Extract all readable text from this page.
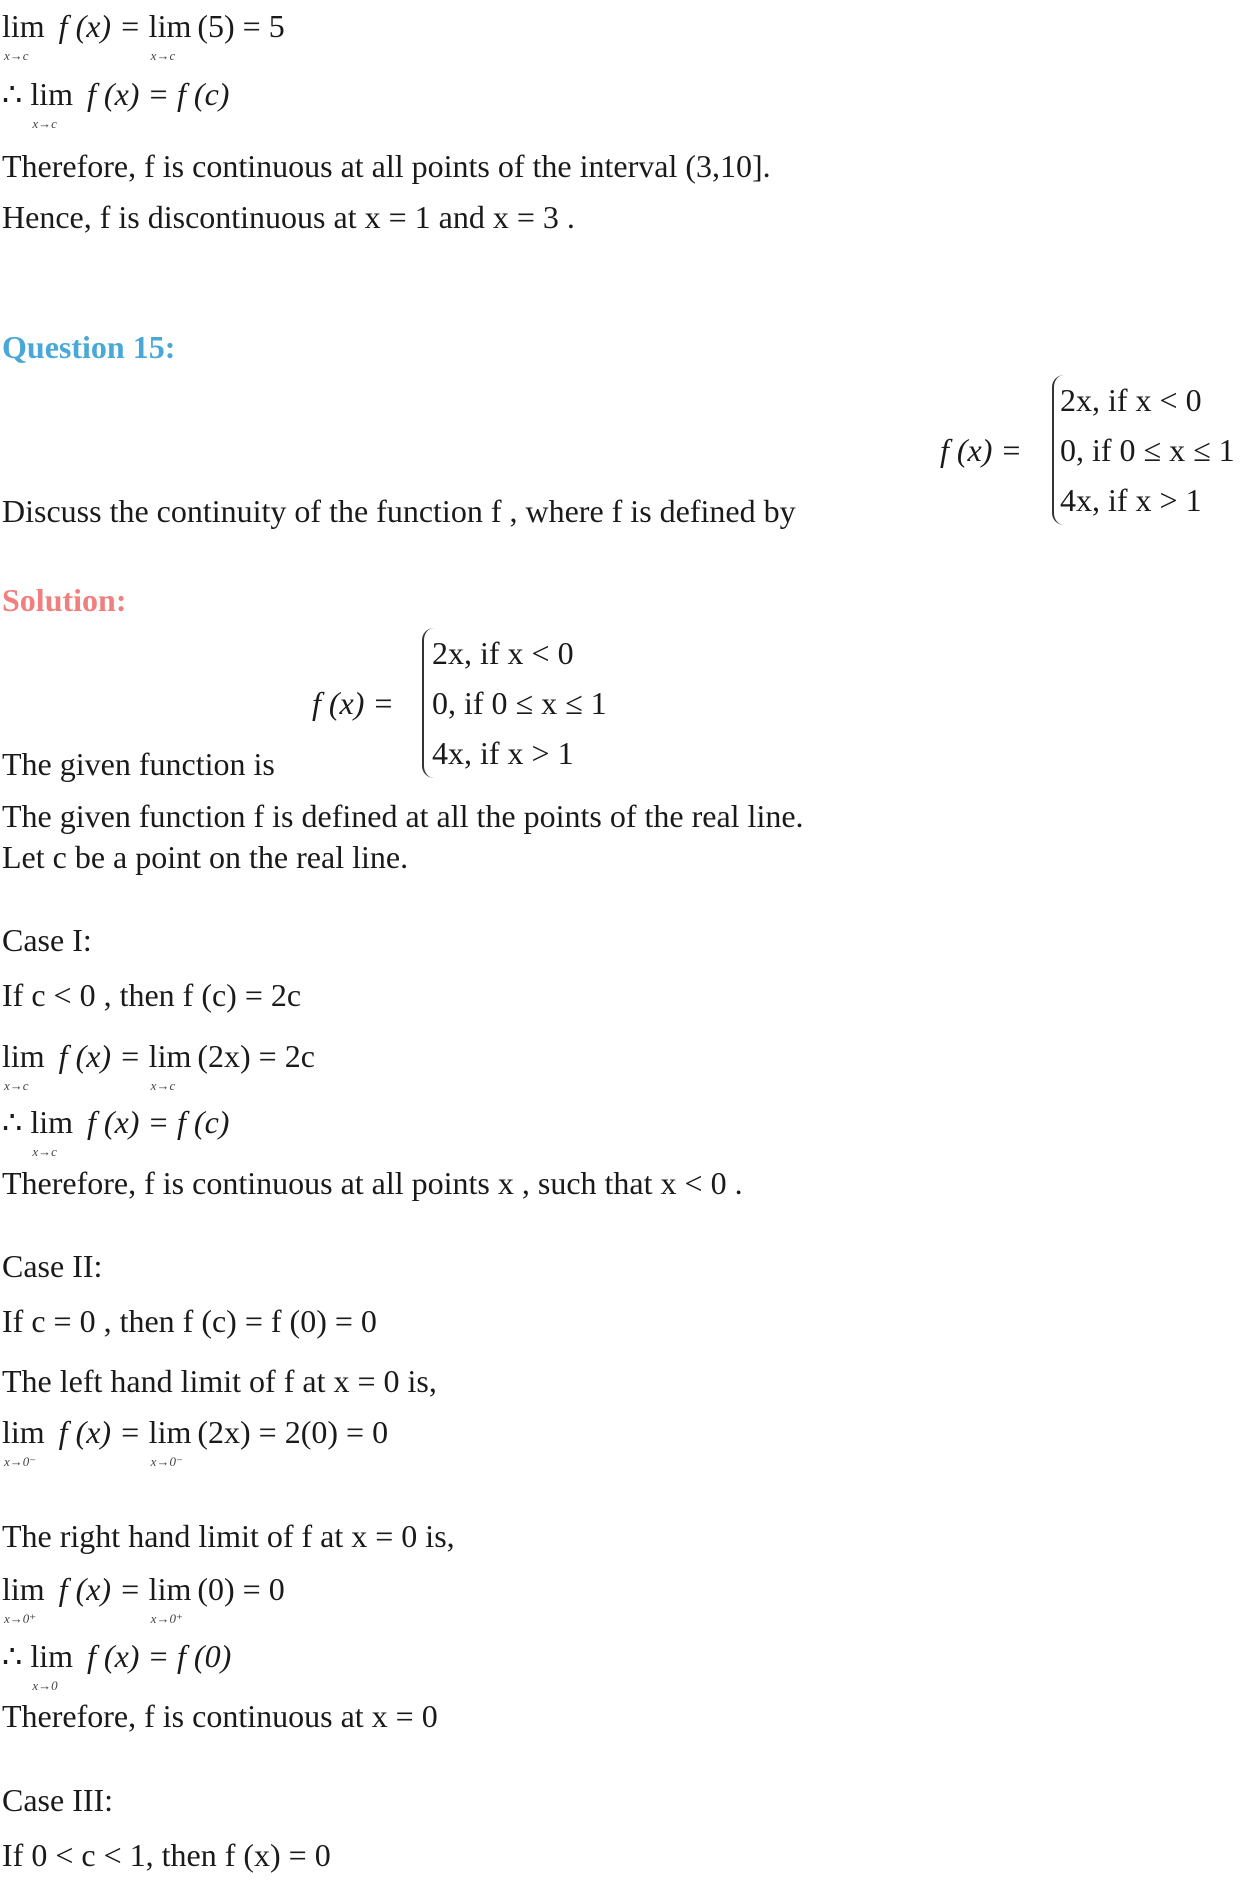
lim
x→c
f (x) = lim
x→c
(5) = 5
∴ lim
x→c
f (x) = f (c)
Therefore, f is continuous at all points of the interval (3,10].
Hence, f is discontinuous at x = 1 and x = 3 .
Question 15:
Discuss the continuity of the function f , where f is defined by
f (x) =
2x, if x < 0
0, if 0 ≤ x ≤ 1
4x, if x > 1
Solution:
f (x) =
2x, if x < 0
0, if 0 ≤ x ≤ 1
4x, if x > 1
The given function is
The given function f is defined at all the points of the real line.
Let c be a point on the real line.
Case I:
If c < 0 , then f (c) = 2c
lim
x→c
f (x) = lim
x→c
(2x) = 2c
∴ lim
x→c
f (x) = f (c)
Therefore, f is continuous at all points x , such that x < 0 .
Case II:
If c = 0 , then f (c) = f (0) = 0
The left hand limit of f at x = 0 is,
lim
x→0⁻
f (x) = lim
x→0⁻
(2x) = 2(0) = 0
The right hand limit of f at x = 0 is,
lim
x→0⁺
f (x) = lim
x→0⁺
(0) = 0
∴ lim
x→0
f (x) = f (0)
Therefore, f is continuous at x = 0
Case III:
If 0 < c < 1, then f (x) = 0
